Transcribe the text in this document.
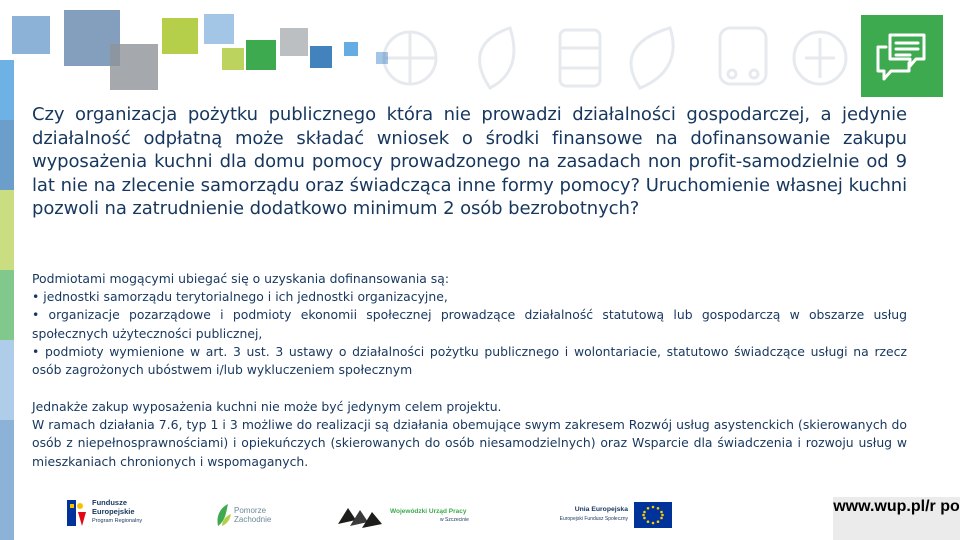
Czy organizacja pożytku publicznego która nie prowadzi działalności gospodarczej, a jedynie działalność odpłatną może składać wniosek o środki finansowe na dofinansowanie zakupu wyposażenia kuchni dla domu pomocy prowadzonego na zasadach non profit-samodzielnie od 9 lat nie na zlecenie samorządu oraz świadcząca inne formy pomocy? Uruchomienie własnej kuchni pozwoli na zatrudnienie dodatkowo minimum 2 osób bezrobotnych?

Podmiotami mogącymi ubiegać się o uzyskania dofinansowania są:

• jednostki samorządu terytorialnego i ich jednostki organizacyjne,

• organizacje pozarządowe i podmioty ekonomii społecznej prowadzące działalność statutową lub gospodarczą w obszarze usług społecznych użyteczności publicznej,

• podmioty wymienione w art. 3 ust. 3 ustawy o działalności pożytku publicznego i wolontariacie, statutowo świadczące usługi na rzecz osób zagrożonych ubóstwem i/lub wykluczeniem społecznym

Jednakże zakup wyposażenia kuchni nie może być jedynym celem projektu.

W ramach działania 7.6, typ 1 i 3 możliwe do realizacji są działania obemujące swym zakresem Rozwój usług asystenckich (skierowanych do osób z niepełnosprawnościami) i opiekuńczych (skierowanych do osób niesamodzielnych) oraz Wsparcie dla świadczenia i rozwoju usług w mieszkaniach chronionych i wspomaganych.

Fundusze
Europejskie
Program Regionalny
Pomorze
Zachodnie
Wojewódzki Urząd Pracy
w Szczecinie
Unia Europejska
Europejski Fundusz Społeczny
www.wup.pl/r po
